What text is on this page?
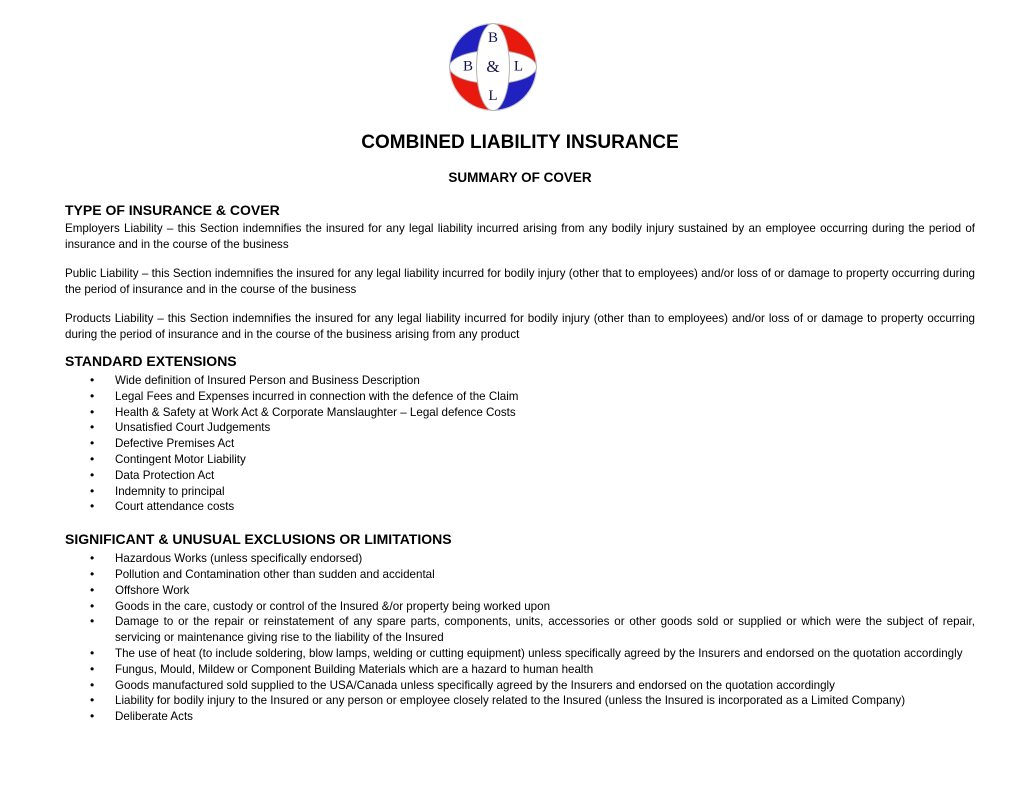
B
B & L
L
COMBINED LIABILITY INSURANCE
SUMMARY OF COVER
TYPE OF INSURANCE & COVER

Employers Liability – this Section indemnifies the insured for any legal liability incurred arising from any bodily injury sustained by an employee occurring during the period of insurance and in the course of the business

Public Liability – this Section indemnifies the insured for any legal liability incurred for bodily injury (other that to employees) and/or loss of or damage to property occurring during the period of insurance and in the course of the business

Products Liability – this Section indemnifies the insured for any legal liability incurred for bodily injury (other than to employees) and/or loss of or damage to property occurring during the period of insurance and in the course of the business arising from any product

STANDARD EXTENSIONS
• Wide definition of Insured Person and Business Description
• Legal Fees and Expenses incurred in connection with the defence of the Claim
• Health & Safety at Work Act & Corporate Manslaughter – Legal defence Costs
• Unsatisfied Court Judgements
• Defective Premises Act
• Contingent Motor Liability
• Data Protection Act
• Indemnity to principal
• Court attendance costs
SIGNIFICANT & UNUSUAL EXCLUSIONS OR LIMITATIONS
• Hazardous Works (unless specifically endorsed)
• Pollution and Contamination other than sudden and accidental
• Offshore Work
• Goods in the care, custody or control of the Insured &/or property being worked upon
• Damage to or the repair or reinstatement of any spare parts, components, units, accessories or other goods sold or supplied or which were the subject of repair, servicing or maintenance giving rise to the liability of the Insured
• The use of heat (to include soldering, blow lamps, welding or cutting equipment) unless specifically agreed by the Insurers and endorsed on the quotation accordingly
• Fungus, Mould, Mildew or Component Building Materials which are a hazard to human health
• Goods manufactured sold supplied to the USA/Canada unless specifically agreed by the Insurers and endorsed on the quotation accordingly
• Liability for bodily injury to the Insured or any person or employee closely related to the Insured (unless the Insured is incorporated as a Limited Company)
• Deliberate Acts
